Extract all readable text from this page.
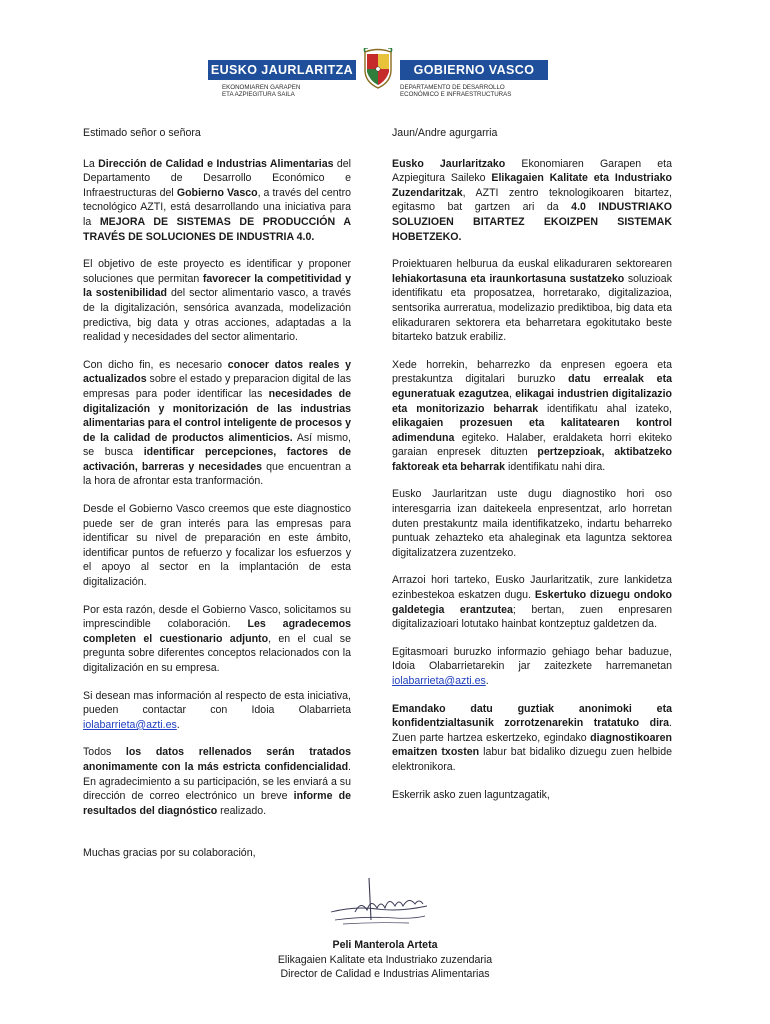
EUSKO JAURLARITZA	GOBIERNO VASCO
EKONOMIAREN GARAPEN
ETA AZPIEGITURA SAILA
DEPARTAMENTO DE DESARROLLO
ECONÓMICO E INFRAESTRUCTURAS

Estimado señor o señora

La Dirección de Calidad e Industrias Alimentarias del Departamento de Desarrollo Económico e Infraestructuras del Gobierno Vasco, a través del centro tecnológico AZTI, está desarrollando una iniciativa para la MEJORA DE SISTEMAS DE PRODUCCIÓN A TRAVÉS DE SOLUCIONES DE INDUSTRIA 4.0.

El objetivo de este proyecto es identificar y proponer soluciones que permitan favorecer la competitividad y la sostenibilidad del sector alimentario vasco, a través de la digitalización, sensórica avanzada, modelización predictiva, big data y otras acciones, adaptadas a la realidad y necesidades del sector alimentario.

Con dicho fin, es necesario conocer datos reales y actualizados sobre el estado y preparacion digital de las empresas para poder identificar las necesidades de digitalización y monitorización de las industrias alimentarias para el control inteligente de procesos y de la calidad de productos alimenticios. Así mismo, se busca identificar percepciones, factores de activación, barreras y necesidades que encuentran a la hora de afrontar esta tranformación.

Desde el Gobierno Vasco creemos que este diagnostico puede ser de gran interés para las empresas para identificar su nivel de preparación en este ámbito, identificar puntos de refuerzo y focalizar los esfuerzos y el apoyo al sector en la implantación de esta digitalización.

Por esta razón, desde el Gobierno Vasco, solicitamos su imprescindible colaboración. Les agradecemos completen el cuestionario adjunto, en el cual se pregunta sobre diferentes conceptos relacionados con la digitalización en su empresa.

Si desean mas información al respecto de esta iniciativa, pueden contactar con Idoia Olabarrieta iolabarrieta@azti.es.

Todos los datos rellenados serán tratados anonimamente con la más estricta confidencialidad. En agradecimiento a su participación, se les enviará a su dirección de correo electrónico un breve informe de resultados del diagnóstico realizado.

Muchas gracias por su colaboración,

Jaun/Andre agurgarria

Eusko Jaurlaritzako Ekonomiaren Garapen eta Azpiegitura Saileko Elikagaien Kalitate eta Industriako Zuzendaritzak, AZTI zentro teknologikoaren bitartez, egitasmo bat gartzen ari da 4.0 INDUSTRIAKO SOLUZIOEN BITARTEZ EKOIZPEN SISTEMAK HOBETZEKO.

Proiektuaren helburua da euskal elikaduraren sektorearen lehiakortasuna eta iraunkortasuna sustatzeko soluzioak identifikatu eta proposatzea, horretarako, digitalizazioa, sentsorika aurreratua, modelizazio prediktiboa, big data eta elikaduraren sektorera eta beharretara egokitutako beste bitarteko batzuk erabiliz.

Xede horrekin, beharrezko da enpresen egoera eta prestakuntza digitalari buruzko datu errealak eta eguneratuak ezagutzea, elikagai industrien digitalizazio eta monitorizazio beharrak identifikatu ahal izateko, elikagaien prozesuen eta kalitatearen kontrol adimenduna egiteko. Halaber, eraldaketa horri ekiteko garaian enpresek dituzten pertzepzioak, aktibatzeko faktoreak eta beharrak identifikatu nahi dira.

Eusko Jaurlaritzan uste dugu diagnostiko hori oso interesgarria izan daitekeela enpresentzat, arlo horretan duten prestakuntz maila identifikatzeko, indartu beharreko puntuak zehazteko eta ahaleginak eta laguntza sektorea digitalizatzera zuzentzeko.

Arrazoi hori tarteko, Eusko Jaurlaritzatik, zure lankidetza ezinbestekoa eskatzen dugu. Eskertuko dizuegu ondoko galdetegia erantzutea; bertan, zuen enpresaren digitalizazioari lotutako hainbat kontzeptuz galdetzen da.

Egitasmoari buruzko informazio gehiago behar baduzue, Idoia Olabarrietarekin jar zaitezkete harremanetan iolabarrieta@azti.es.

Emandako datu guztiak anonimoki eta konfidentzialtasunik zorrotzenarekin tratatuko dira. Zuen parte hartzea eskertzeko, egindako diagnostikoaren emaitzen txosten labur bat bidaliko dizuegu zuen helbide elektronikora.

Eskerrik asko zuen laguntzagatik,

Peli Manterola Arteta
Elikagaien Kalitate eta Industriako zuzendaria
Director de Calidad e Industrias Alimentarias
